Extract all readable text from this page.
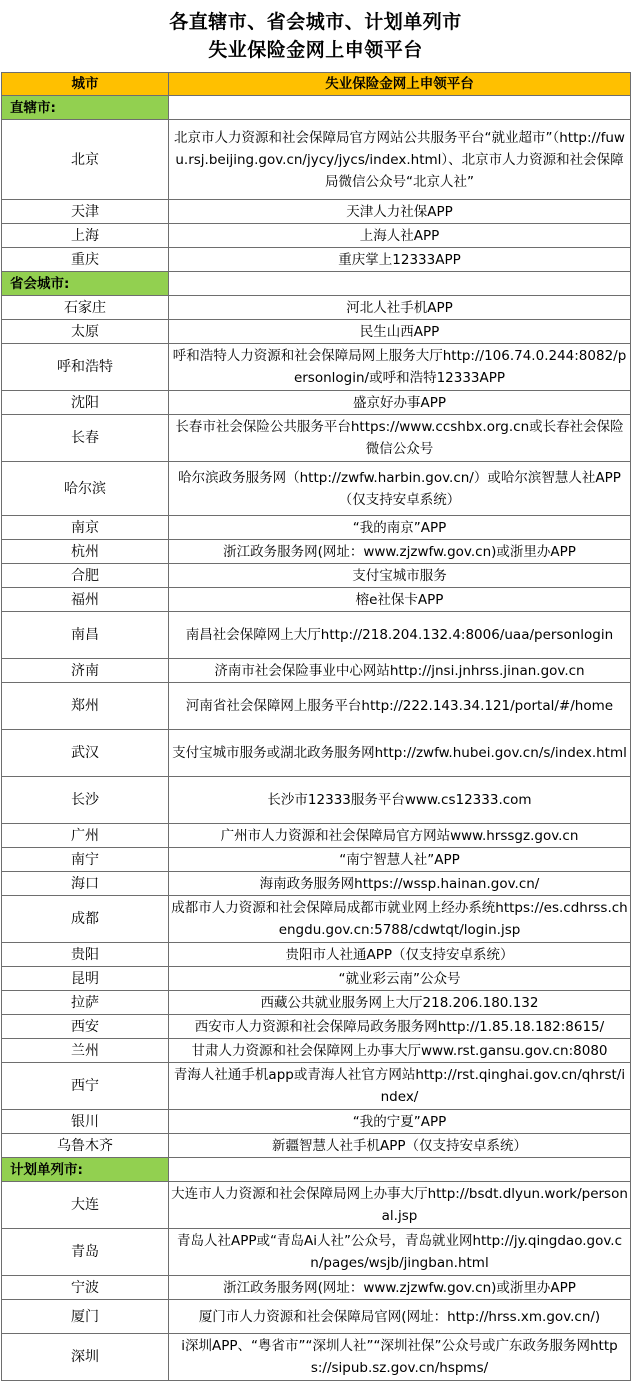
各直辖市、省会城市、计划单列市
失业保险金网上申领平台
城市	失业保险金网上申领平台
直辖市:	
北京	北京市人力资源和社会保障局官方网站公共服务平台“就业超市”（http://fuwu.rsj.beijing.gov.cn/jycy/jycs/index.html）、北京市人力资源和社会保障局微信公众号“北京人社”
天津	天津人力社保APP
上海	上海人社APP
重庆	重庆掌上12333APP
省会城市:	
石家庄	河北人社手机APP
太原	民生山西APP
呼和浩特	呼和浩特人力资源和社会保障局网上服务大厅http://106.74.0.244:8082/personlogin/或呼和浩特12333APP
沈阳	盛京好办事APP
长春	长春市社会保险公共服务平台https://www.ccshbx.org.cn或长春社会保险微信公众号
哈尔滨	哈尔滨政务服务网（http://zwfw.harbin.gov.cn/）或哈尔滨智慧人社APP（仅支持安卓系统）
南京	“我的南京”APP
杭州	浙江政务服务网(网址：www.zjzwfw.gov.cn)或浙里办APP
合肥	支付宝城市服务
福州	榕e社保卡APP
南昌	南昌社会保障网上大厅http://218.204.132.4:8006/uaa/personlogin
济南	济南市社会保险事业中心网站http://jnsi.jnhrss.jinan.gov.cn
郑州	河南省社会保障网上服务平台http://222.143.34.121/portal/#/home
武汉	支付宝城市服务或湖北政务服务网http://zwfw.hubei.gov.cn/s/index.html
长沙	长沙市12333服务平台www.cs12333.com
广州	广州市人力资源和社会保障局官方网站www.hrssgz.gov.cn
南宁	“南宁智慧人社”APP
海口	海南政务服务网https://wssp.hainan.gov.cn/
成都	成都市人力资源和社会保障局成都市就业网上经办系统https://es.cdhrss.chengdu.gov.cn:5788/cdwtqt/login.jsp
贵阳	贵阳市人社通APP（仅支持安卓系统）
昆明	“就业彩云南”公众号
拉萨	西藏公共就业服务网上大厅218.206.180.132
西安	西安市人力资源和社会保障局政务服务网http://1.85.18.182:8615/
兰州	甘肃人力资源和社会保障网上办事大厅www.rst.gansu.gov.cn:8080
西宁	青海人社通手机app或青海人社官方网站http://rst.qinghai.gov.cn/qhrst/index/
银川	“我的宁夏”APP
乌鲁木齐	新疆智慧人社手机APP（仅支持安卓系统）
计划单列市:	
大连	大连市人力资源和社会保障局网上办事大厅http://bsdt.dlyun.work/personal.jsp
青岛	青岛人社APP或“青岛Ai人社”公众号，青岛就业网http://jy.qingdao.gov.cn/pages/wsjb/jingban.html
宁波	浙江政务服务网(网址：www.zjzwfw.gov.cn)或浙里办APP
厦门	厦门市人力资源和社会保障局官网(网址：http://hrss.xm.gov.cn/)
深圳	i深圳APP、“粤省市”“深圳人社”“深圳社保”公众号或广东政务服务网https://sipub.sz.gov.cn/hspms/
